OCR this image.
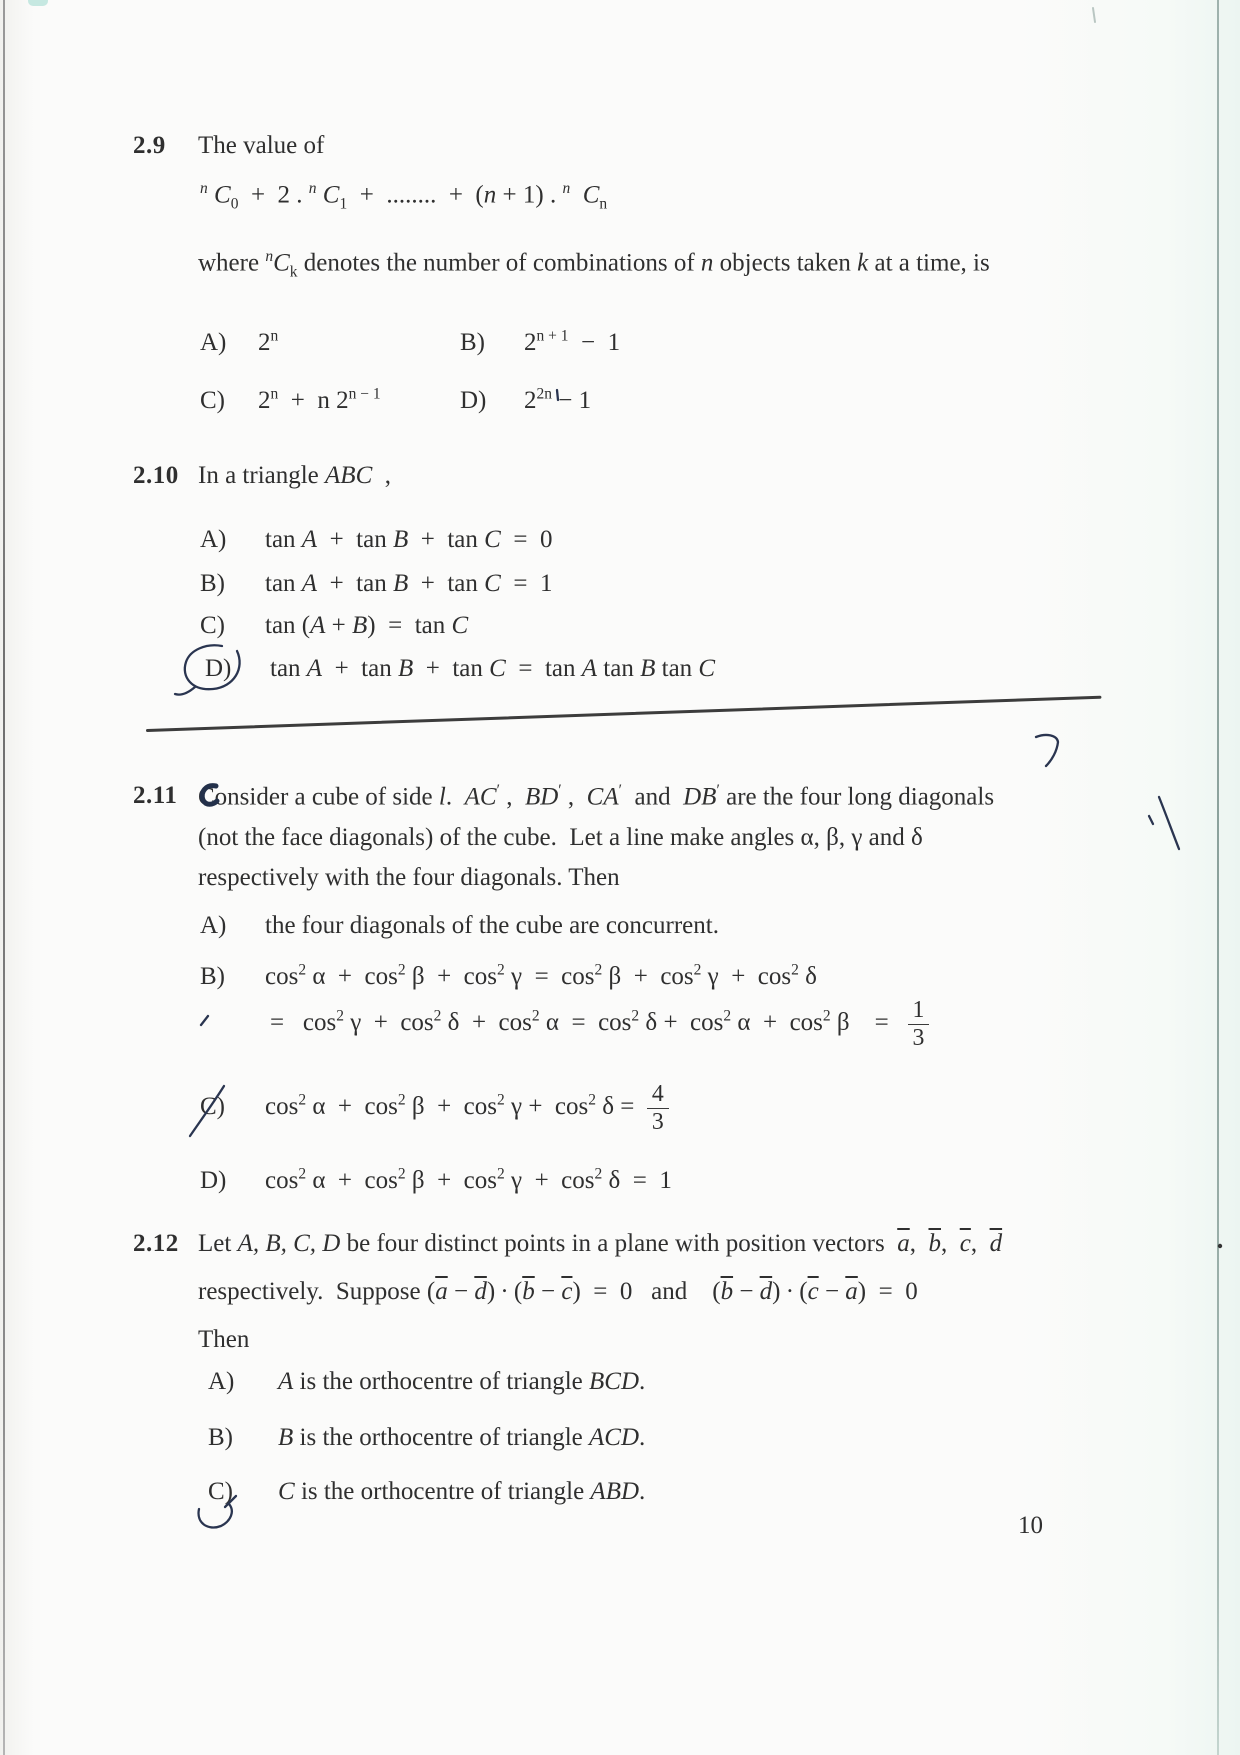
2.9 The value of
$^n$ $C_0 + 2$ . $^n$ $C_1$  +  ........  +  (n + 1) . $^n$ $C_n$
where $^nC_k$ denotes the number of combinations of n objects taken k at a time, is
A) 2$^n$	B) $2^{n + 1} - 1$
C) 2$^n$  +  n $2^{n - 1}$	D) $2^{2n} - 1$
2.10 In a triangle ABC  ,
A) tan A  +  tan B  +  tan C  =  0
B) tan A  +  tan B  +  tan C  =  1
C) tan (A + B)  =  tan C
D) tan A  +  tan B  +  tan C  =  tan A tan B tan C
2.11 Consider a cube of side l.  AC′ ,  BD′ ,  CA′  and  DB′ are the four long diagonals
(not the face diagonals) of the cube.  Let a line make angles α, β, γ and δ
respectively with the four diagonals. Then
A) the four diagonals of the cube are concurrent.
B) $\cos^2 \alpha + \cos^2 \beta + \cos^2 \gamma = \cos^2 \beta + \cos^2 \gamma + \cos^2 \delta$
=   $\cos^2 \gamma + \cos^2 \delta + \cos^2 \alpha = \cos^2 \delta + \cos^2 \alpha + \cos^2 \beta$    = $\frac{1}{3}$
C) $\cos^2 \alpha + \cos^2 \beta + \cos^2 \gamma + \cos^2 \delta = \frac{4}{3}$
D) $\cos^2 \alpha + \cos^2 \beta + \cos^2 \gamma + \cos^2 \delta = 1$
2.12 Let A, B, C, D be four distinct points in a plane with position vectors  $\overline{a}$,  $\overline{b}$,  $\overline{c}$,  $\overline{d}$
respectively.  Suppose $(\overline{a} - \overline{d}) \cdot (\overline{b} - \overline{c}) = 0$   and    $(\overline{b} - \overline{d}) \cdot (\overline{c} - \overline{a}) = 0$
Then
A) A is the orthocentre of triangle BCD.
B) B is the orthocentre of triangle ACD.
C) C is the orthocentre of triangle ABD.
10
